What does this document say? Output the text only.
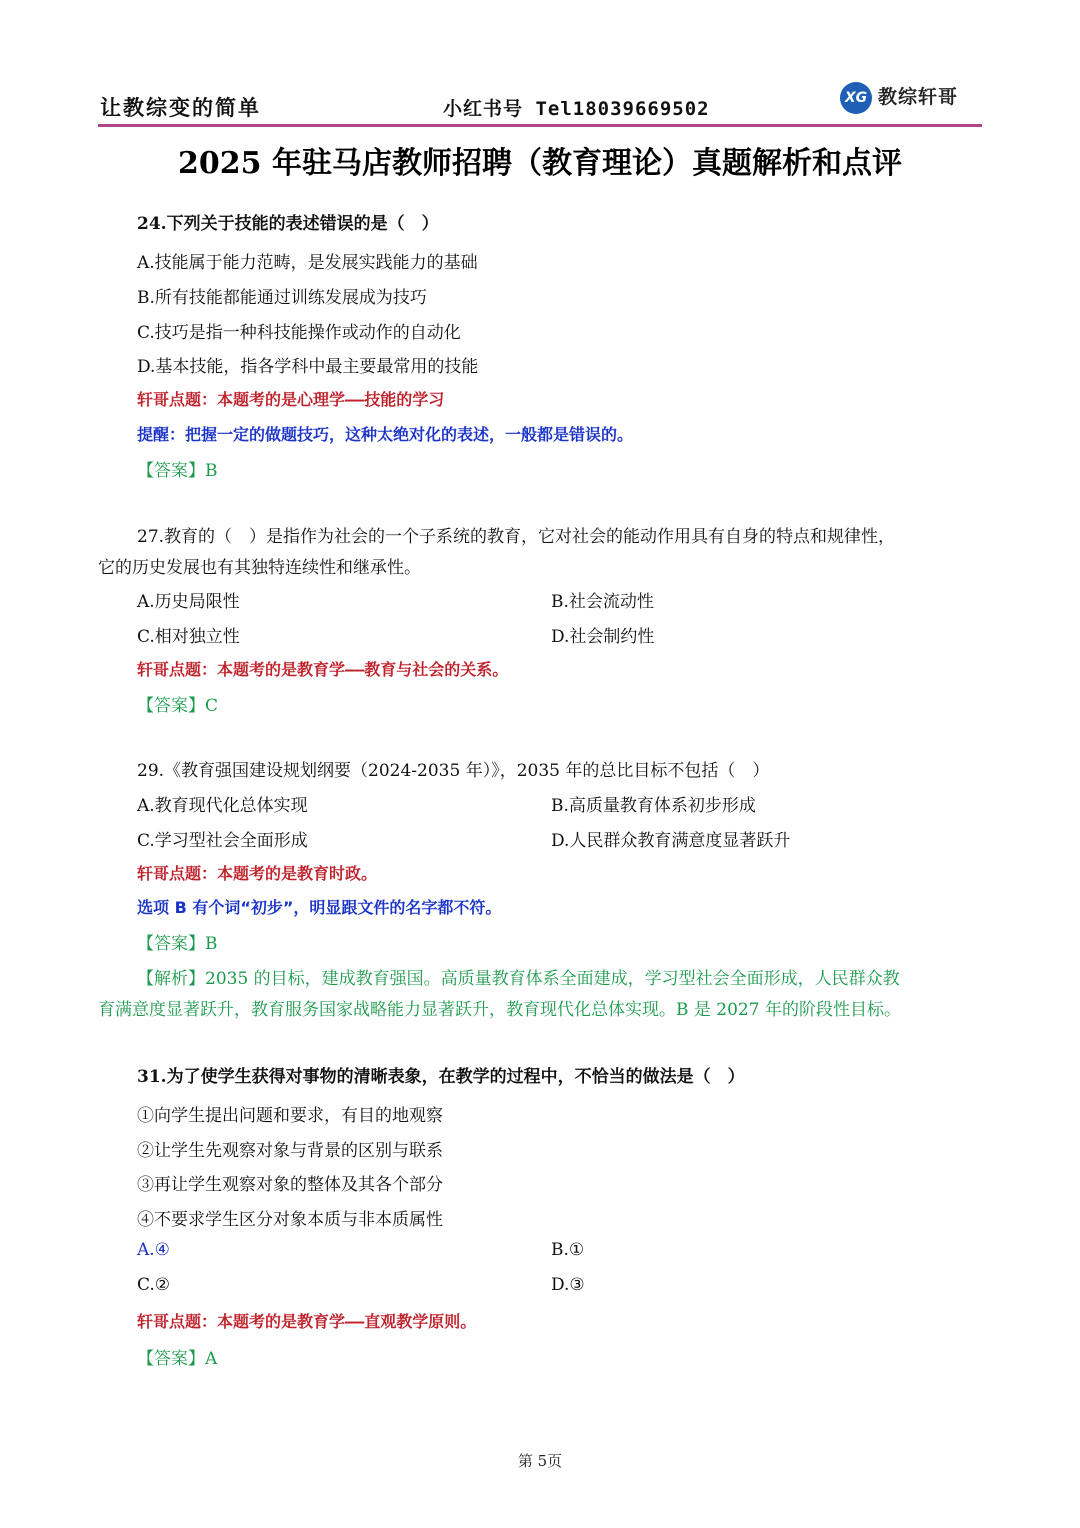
让教综变的简单	小红书号 Tel18039669502	XG 教综轩哥
2025 年驻马店教师招聘（教育理论）真题解析和点评
24.下列关于技能的表述错误的是（　）
A.技能属于能力范畴，是发展实践能力的基础
B.所有技能都能通过训练发展成为技巧
C.技巧是指一种科技能操作或动作的自动化
D.基本技能，指各学科中最主要最常用的技能
轩哥点题：本题考的是心理学——技能的学习
提醒：把握一定的做题技巧，这种太绝对化的表述，一般都是错误的。
【答案】B
27.教育的（　）是指作为社会的一个子系统的教育，它对社会的能动作用具有自身的特点和规律性，
它的历史发展也有其独特连续性和继承性。
A.历史局限性	B.社会流动性
C.相对独立性	D.社会制约性
轩哥点题：本题考的是教育学——教育与社会的关系。
【答案】C
29.《教育强国建设规划纲要（2024-2035 年）》，2035 年的总比目标不包括（　）
A.教育现代化总体实现	B.高质量教育体系初步形成
C.学习型社会全面形成	D.人民群众教育满意度显著跃升
轩哥点题：本题考的是教育时政。
选项 B 有个词“初步”，明显跟文件的名字都不符。
【答案】B
【解析】2035 的目标，建成教育强国。高质量教育体系全面建成，学习型社会全面形成，人民群众教
育满意度显著跃升，教育服务国家战略能力显著跃升，教育现代化总体实现。B 是 2027 年的阶段性目标。
31.为了使学生获得对事物的清晰表象，在教学的过程中，不恰当的做法是（　）
①向学生提出问题和要求，有目的地观察
②让学生先观察对象与背景的区别与联系
③再让学生观察对象的整体及其各个部分
④不要求学生区分对象本质与非本质属性
A.④	B.①
C.②	D.③
轩哥点题：本题考的是教育学——直观教学原则。
【答案】A
第 5页
